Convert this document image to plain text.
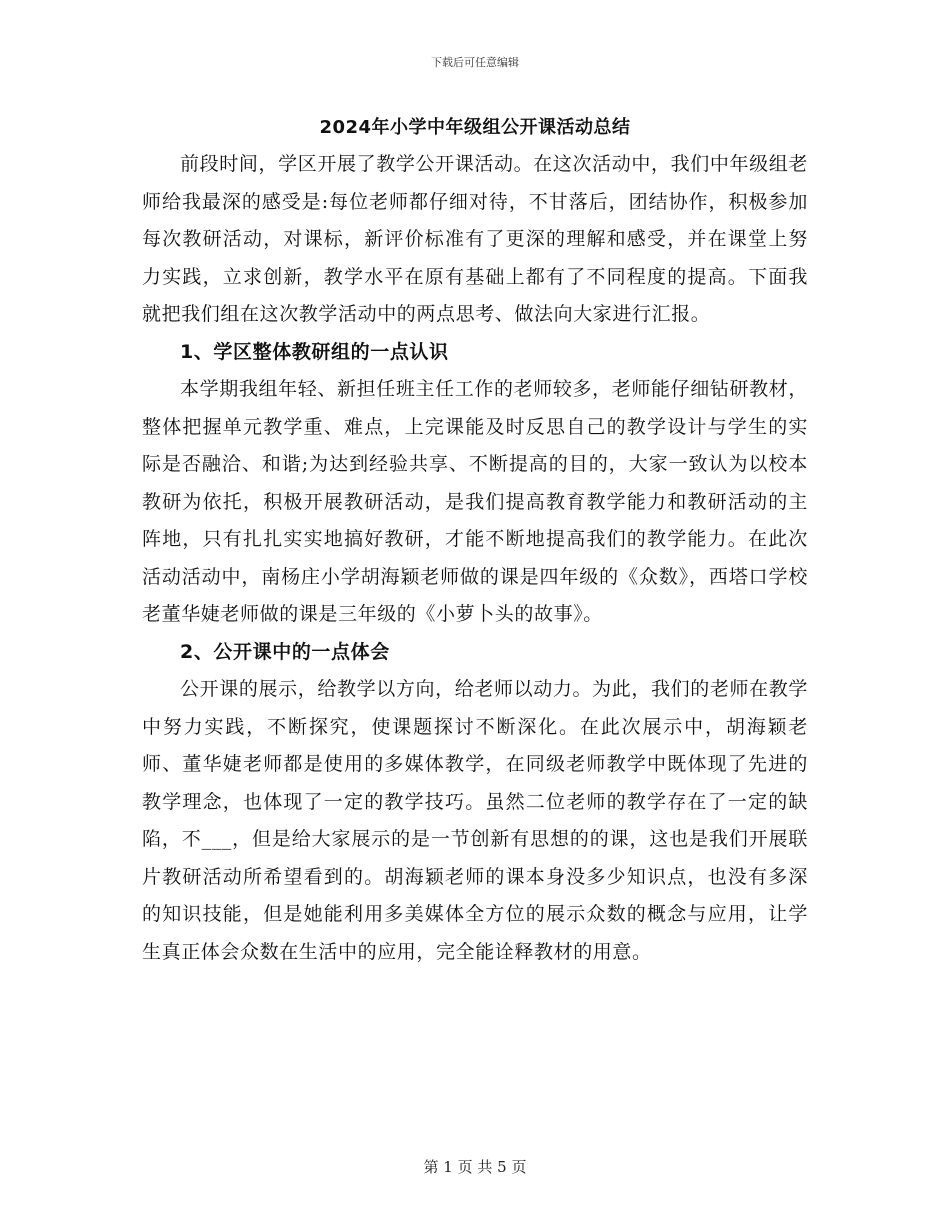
下载后可任意编辑
2024年小学中年级组公开课活动总结

前段时间，学区开展了教学公开课活动。在这次活动中，我们中年级组老师给我最深的感受是:每位老师都仔细对待，不甘落后，团结协作，积极参加每次教研活动，对课标，新评价标准有了更深的理解和感受，并在课堂上努力实践，立求创新，教学水平在原有基础上都有了不同程度的提高。下面我就把我们组在这次教学活动中的两点思考、做法向大家进行汇报。

1、学区整体教研组的一点认识

本学期我组年轻、新担任班主任工作的老师较多，老师能仔细钻研教材，整体把握单元教学重、难点，上完课能及时反思自己的教学设计与学生的实际是否融洽、和谐;为达到经验共享、不断提高的目的，大家一致认为以校本教研为依托，积极开展教研活动，是我们提高教育教学能力和教研活动的主阵地，只有扎扎实实地搞好教研，才能不断地提高我们的教学能力。在此次活动活动中，南杨庄小学胡海颖老师做的课是四年级的《众数》，西塔口学校老董华婕老师做的课是三年级的《小萝卜头的故事》。

2、公开课中的一点体会

公开课的展示，给教学以方向，给老师以动力。为此，我们的老师在教学中努力实践，不断探究，使课题探讨不断深化。在此次展示中，胡海颖老师、董华婕老师都是使用的多媒体教学，在同级老师教学中既体现了先进的教学理念，也体现了一定的教学技巧。虽然二位老师的教学存在了一定的缺陷，不___，但是给大家展示的是一节创新有思想的的课，这也是我们开展联片教研活动所希望看到的。胡海颖老师的课本身没多少知识点，也没有多深的知识技能，但是她能利用多美媒体全方位的展示众数的概念与应用，让学生真正体会众数在生活中的应用，完全能诠释教材的用意。

第 1 页 共 5 页
